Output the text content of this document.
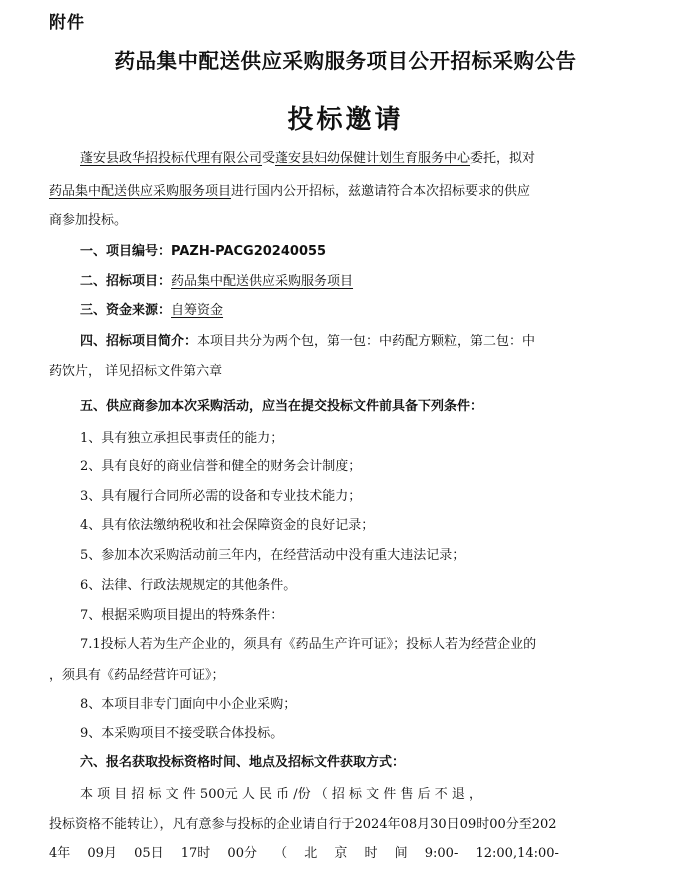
附件
药品集中配送供应采购服务项目公开招标采购公告
投标邀请
蓬安县政华招投标代理有限公司受蓬安县妇幼保健计划生育服务中心委托，拟对
药品集中配送供应采购服务项目进行国内公开招标，兹邀请符合本次招标要求的供应
商参加投标。
一、项目编号：PAZH-PACG20240055
二、招标项目：药品集中配送供应采购服务项目
三、资金来源：自筹资金
四、招标项目简介：本项目共分为两个包，第一包：中药配方颗粒，第二包：中
药饮片， 详见招标文件第六章
五、供应商参加本次采购活动，应当在提交投标文件前具备下列条件：
1、具有独立承担民事责任的能力；
2、具有良好的商业信誉和健全的财务会计制度；
3、具有履行合同所必需的设备和专业技术能力；
4、具有依法缴纳税收和社会保障资金的良好记录；
5、参加本次采购活动前三年内，在经营活动中没有重大违法记录；
6、法律、行政法规规定的其他条件。
7、根据采购项目提出的特殊条件：
7.1投标人若为生产企业的，须具有《药品生产许可证》；投标人若为经营企业的
，须具有《药品经营许可证》；
8、本项目非专门面向中小企业采购；
9、本采购项目不接受联合体投标。
六、报名获取投标资格时间、地点及招标文件获取方式：
本 项 目 招 标 文 件 500元 人 民 币 /份 （ 招 标 文 件 售 后 不 退 ，
投标资格不能转让），凡有意参与投标的企业请自行于2024年08月30日09时00分至202
4年　 09月　 05日　 17时　 00分　 （　 北　 京　 时　 间　 9:00-　 12:00,14:00-
